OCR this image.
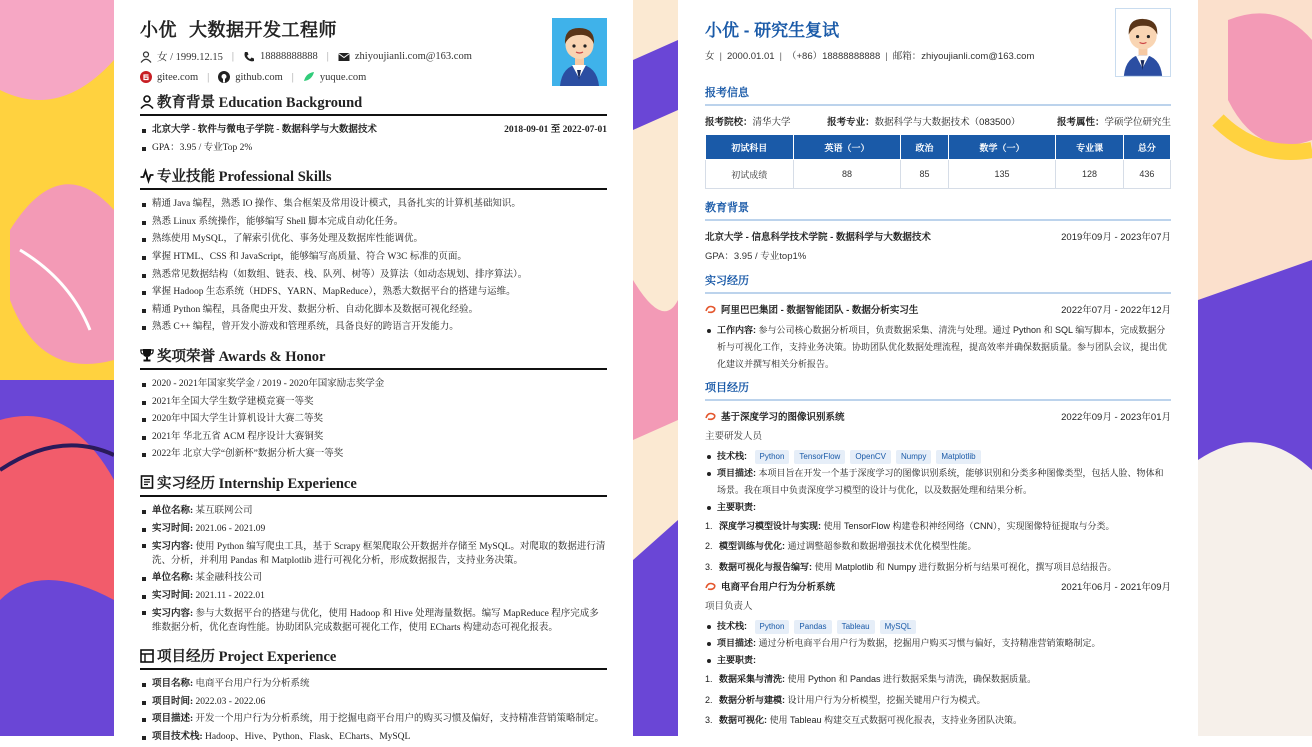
小优 大数据开发工程师
女 / 1999.12.15 | 18888888888 | zhiyoujianli.com@163.com
gitee.com | github.com | yuque.com
教育背景 Education Background
北京大学 - 软件与微电子学院 - 数据科学与大数据技术	2018-09-01 至 2022-07-01
GPA：3.95 / 专业Top 2%
专业技能 Professional Skills
精通 Java 编程，熟悉 IO 操作、集合框架及常用设计模式，具备扎实的计算机基础知识。
熟悉 Linux 系统操作，能够编写 Shell 脚本完成自动化任务。
熟练使用 MySQL，了解索引优化、事务处理及数据库性能调优。
掌握 HTML、CSS 和 JavaScript，能够编写高质量、符合 W3C 标准的页面。
熟悉常见数据结构（如数组、链表、栈、队列、树等）及算法（如动态规划、排序算法）。
掌握 Hadoop 生态系统（HDFS、YARN、MapReduce），熟悉大数据平台的搭建与运维。
精通 Python 编程，具备爬虫开发、数据分析、自动化脚本及数据可视化经验。
熟悉 C++ 编程，曾开发小游戏和管理系统，具备良好的跨语言开发能力。
奖项荣誉 Awards & Honor
2020 - 2021年国家奖学金 / 2019 - 2020年国家励志奖学金
2021年全国大学生数学建模竞赛一等奖
2020年中国大学生计算机设计大赛二等奖
2021年 华北五省 ACM 程序设计大赛铜奖
2022年 北京大学“创新杯”数据分析大赛一等奖
实习经历 Internship Experience
单位名称: 某互联网公司
实习时间: 2021.06 - 2021.09
实习内容: 使用 Python 编写爬虫工具，基于 Scrapy 框架爬取公开数据并存储至 MySQL。对爬取的数据进行清洗、分析，并利用 Pandas 和 Matplotlib 进行可视化分析，形成数据报告，支持业务决策。
单位名称: 某金融科技公司
实习时间: 2021.11 - 2022.01
实习内容: 参与大数据平台的搭建与优化，使用 Hadoop 和 Hive 处理海量数据。编写 MapReduce 程序完成多维数据分析，优化查询性能。协助团队完成数据可视化工作，使用 ECharts 构建动态可视化报表。
项目经历 Project Experience
项目名称: 电商平台用户行为分析系统
项目时间: 2022.03 - 2022.06
项目描述: 开发一个用户行为分析系统，用于挖掘电商平台用户的购买习惯及偏好，支持精准营销策略制定。
项目技术栈: Hadoop、Hive、Python、Flask、ECharts、MySQL
小优 - 研究生复试
女 | 2000.01.01 | （+86）18888888888 | 邮箱：zhiyoujianli.com@163.com
报考信息
报考院校：清华大学	报考专业：数据科学与大数据技术（083500）	报考属性：学硕学位研究生
初试科目	英语（一）	政治	数学（一）	专业课	总分
初试成绩	88	85	135	128	436
教育背景
北京大学 - 信息科学技术学院 - 数据科学与大数据技术	2019年09月 - 2023年07月
GPA：3.95 / 专业top1%
实习经历
阿里巴巴集团 - 数据智能团队 - 数据分析实习生	2022年07月 - 2022年12月
工作内容: 参与公司核心数据分析项目，负责数据采集、清洗与处理。通过 Python 和 SQL 编写脚本，完成数据分析与可视化工作，支持业务决策。协助团队优化数据处理流程，提高效率并确保数据质量。参与团队会议，提出优化建议并撰写相关分析报告。
项目经历
基于深度学习的图像识别系统	2022年09月 - 2023年01月
主要研发人员
技术栈: Python TensorFlow OpenCV Numpy Matplotlib
项目描述: 本项目旨在开发一个基于深度学习的图像识别系统，能够识别和分类多种图像类型，包括人脸、物体和场景。我在项目中负责深度学习模型的设计与优化，以及数据处理和结果分析。
主要职责:
1. 深度学习模型设计与实现: 使用 TensorFlow 构建卷积神经网络（CNN），实现图像特征提取与分类。
2. 模型训练与优化: 通过调整超参数和数据增强技术优化模型性能。
3. 数据可视化与报告编写: 使用 Matplotlib 和 Numpy 进行数据分析与结果可视化，撰写项目总结报告。
电商平台用户行为分析系统	2021年06月 - 2021年09月
项目负责人
技术栈: Python Pandas Tableau MySQL
项目描述: 通过分析电商平台用户行为数据，挖掘用户购买习惯与偏好，支持精准营销策略制定。
主要职责:
1. 数据采集与清洗: 使用 Python 和 Pandas 进行数据采集与清洗，确保数据质量。
2. 数据分析与建模: 设计用户行为分析模型，挖掘关键用户行为模式。
3. 数据可视化: 使用 Tableau 构建交互式数据可视化报表，支持业务团队决策。
